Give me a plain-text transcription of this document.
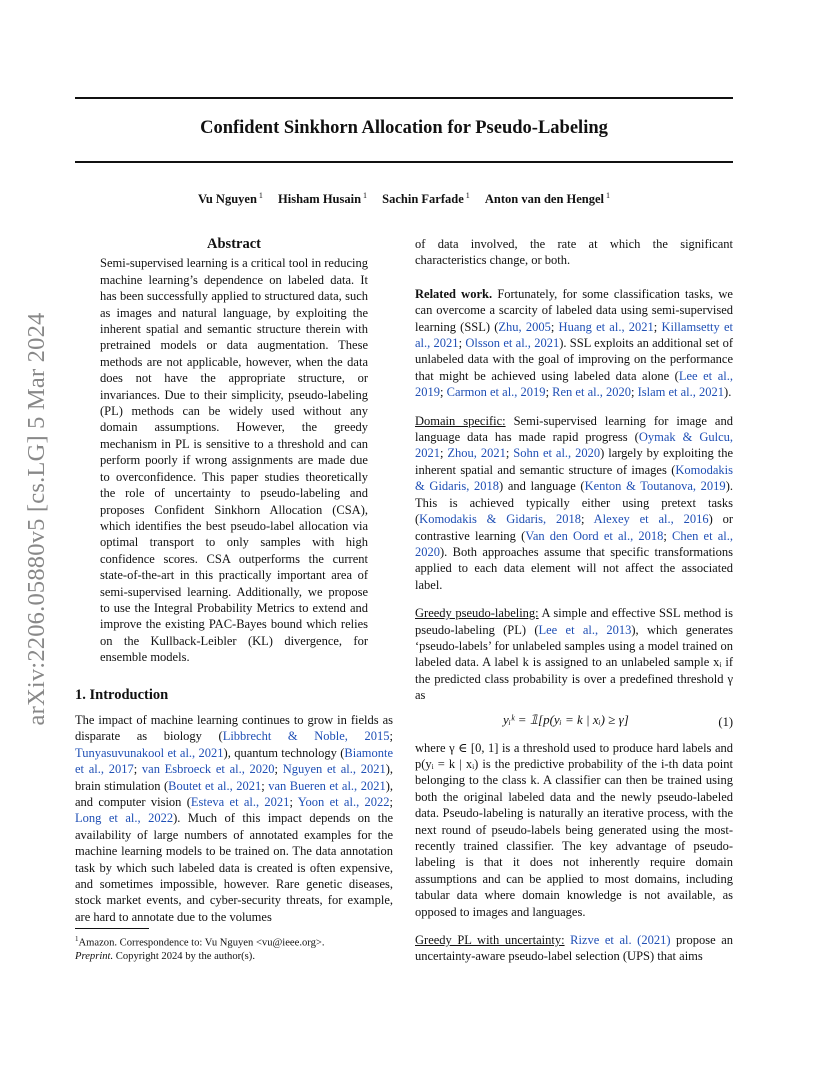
Confident Sinkhorn Allocation for Pseudo-Labeling
Vu Nguyen $^1$ Hisham Husain $^1$ Sachin Farfade $^1$ Anton van den Hengel $^1$
arXiv:2206.05880v5 [cs.LG] 5 Mar 2024
Abstract

Semi-supervised learning is a critical tool in reducing machine learning’s dependence on labeled data. It has been successfully applied to structured data, such as images and natural language, by exploiting the inherent spatial and semantic structure therein with pretrained models or data augmentation. These methods are not applicable, however, when the data does not have the appropriate structure, or invariances. Due to their simplicity, pseudo-labeling (PL) methods can be widely used without any domain assumptions. However, the greedy mechanism in PL is sensitive to a threshold and can perform poorly if wrong assignments are made due to overconfidence. This paper studies theoretically the role of uncertainty to pseudo-labeling and proposes Confident Sinkhorn Allocation (CSA), which identifies the best pseudo-label allocation via optimal transport to only samples with high confidence scores. CSA outperforms the current state-of-the-art in this practically important area of semi-supervised learning. Additionally, we propose to use the Integral Probability Metrics to extend and improve the existing PAC-Bayes bound which relies on the Kullback-Leibler (KL) divergence, for ensemble models.

1. Introduction

The impact of machine learning continues to grow in fields as disparate as biology (Libbrecht & Noble, 2015; Tunyasuvunakool et al., 2021), quantum technology (Biamonte et al., 2017; van Esbroeck et al., 2020; Nguyen et al., 2021), brain stimulation (Boutet et al., 2021; van Bueren et al., 2021), and computer vision (Esteva et al., 2021; Yoon et al., 2022; Long et al., 2022). Much of this impact depends on the availability of large numbers of annotated examples for the machine learning models to be trained on. The data annotation task by which such labeled data is created is often expensive, and sometimes impossible, however. Rare genetic diseases, stock market events, and cyber-security threats, for example, are hard to annotate due to the volumes

$^1$Amazon. Correspondence to: Vu Nguyen <vu@ieee.org>.
Preprint. Copyright 2024 by the author(s).

of data involved, the rate at which the significant characteristics change, or both.

Related work. Fortunately, for some classification tasks, we can overcome a scarcity of labeled data using semi-supervised learning (SSL) (Zhu, 2005; Huang et al., 2021; Killamsetty et al., 2021; Olsson et al., 2021). SSL exploits an additional set of unlabeled data with the goal of improving on the performance that might be achieved using labeled data alone (Lee et al., 2019; Carmon et al., 2019; Ren et al., 2020; Islam et al., 2021).

Domain specific: Semi-supervised learning for image and language data has made rapid progress (Oymak & Gulcu, 2021; Zhou, 2021; Sohn et al., 2020) largely by exploiting the inherent spatial and semantic structure of images (Komodakis & Gidaris, 2018) and language (Kenton & Toutanova, 2019). This is achieved typically either using pretext tasks (Komodakis & Gidaris, 2018; Alexey et al., 2016) or contrastive learning (Van den Oord et al., 2018; Chen et al., 2020). Both approaches assume that specific transformations applied to each data element will not affect the associated label.

Greedy pseudo-labeling: A simple and effective SSL method is pseudo-labeling (PL) (Lee et al., 2013), which generates ‘pseudo-labels’ for unlabeled samples using a model trained on labeled data. A label k is assigned to an unlabeled sample xᵢ if the predicted class probability is over a predefined threshold γ as

yᵢᵏ = 𝟙[p(yᵢ = k | xᵢ) ≥ γ]	(1)

where γ ∈ [0, 1] is a threshold used to produce hard labels and p(yᵢ = k | xᵢ) is the predictive probability of the i-th data point belonging to the class k. A classifier can then be trained using both the original labeled data and the newly pseudo-labeled data. Pseudo-labeling is naturally an iterative process, with the next round of pseudo-labels being generated using the most-recently trained classifier. The key advantage of pseudo-labeling is that it does not inherently require domain assumptions and can be applied to most domains, including tabular data where domain knowledge is not available, as opposed to images and languages.

Greedy PL with uncertainty: Rizve et al. (2021) propose an uncertainty-aware pseudo-label selection (UPS) that aims
